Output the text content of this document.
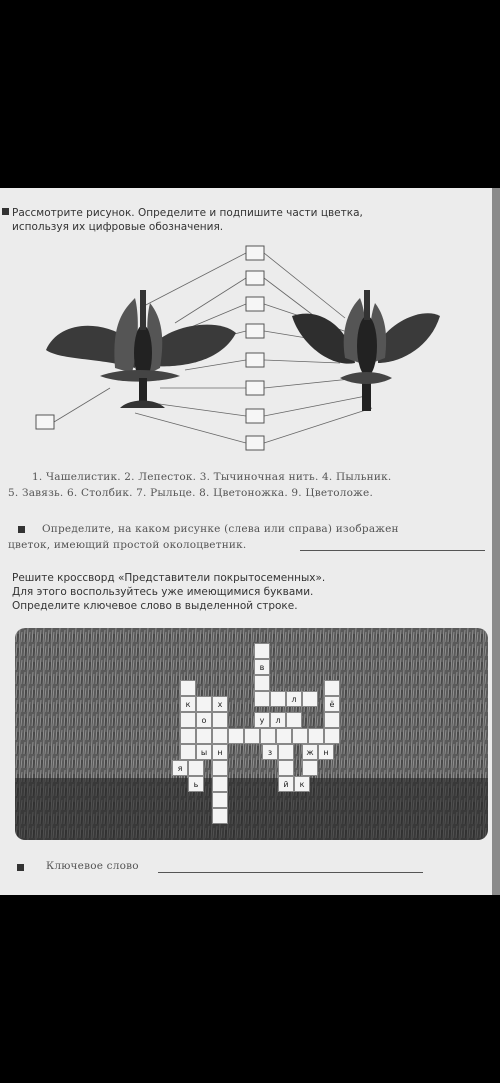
Рассмотрите рисунок. Определите и подпишите части цветка,
используя их цифровые обозначения.
1. Чашелистик. 2. Лепесток. 3. Тычиночная нить. 4. Пыльник.
5. Завязь. 6. Столбик. 7. Рыльце. 8. Цветоножка. 9. Цветоложе.
Определите, на каком рисунке (слева или справа) изображен
цветок, имеющий простой околоцветник.
Решите кроссворд «Представители покрытосеменных».
Для этого воспользуйтесь уже имеющимися буквами.
Определите ключевое слово в выделенной строке.
в
к	х
л
ё
о	у	л
ы	н	з	ж	н
я
ь	й	к
Ключевое слово
